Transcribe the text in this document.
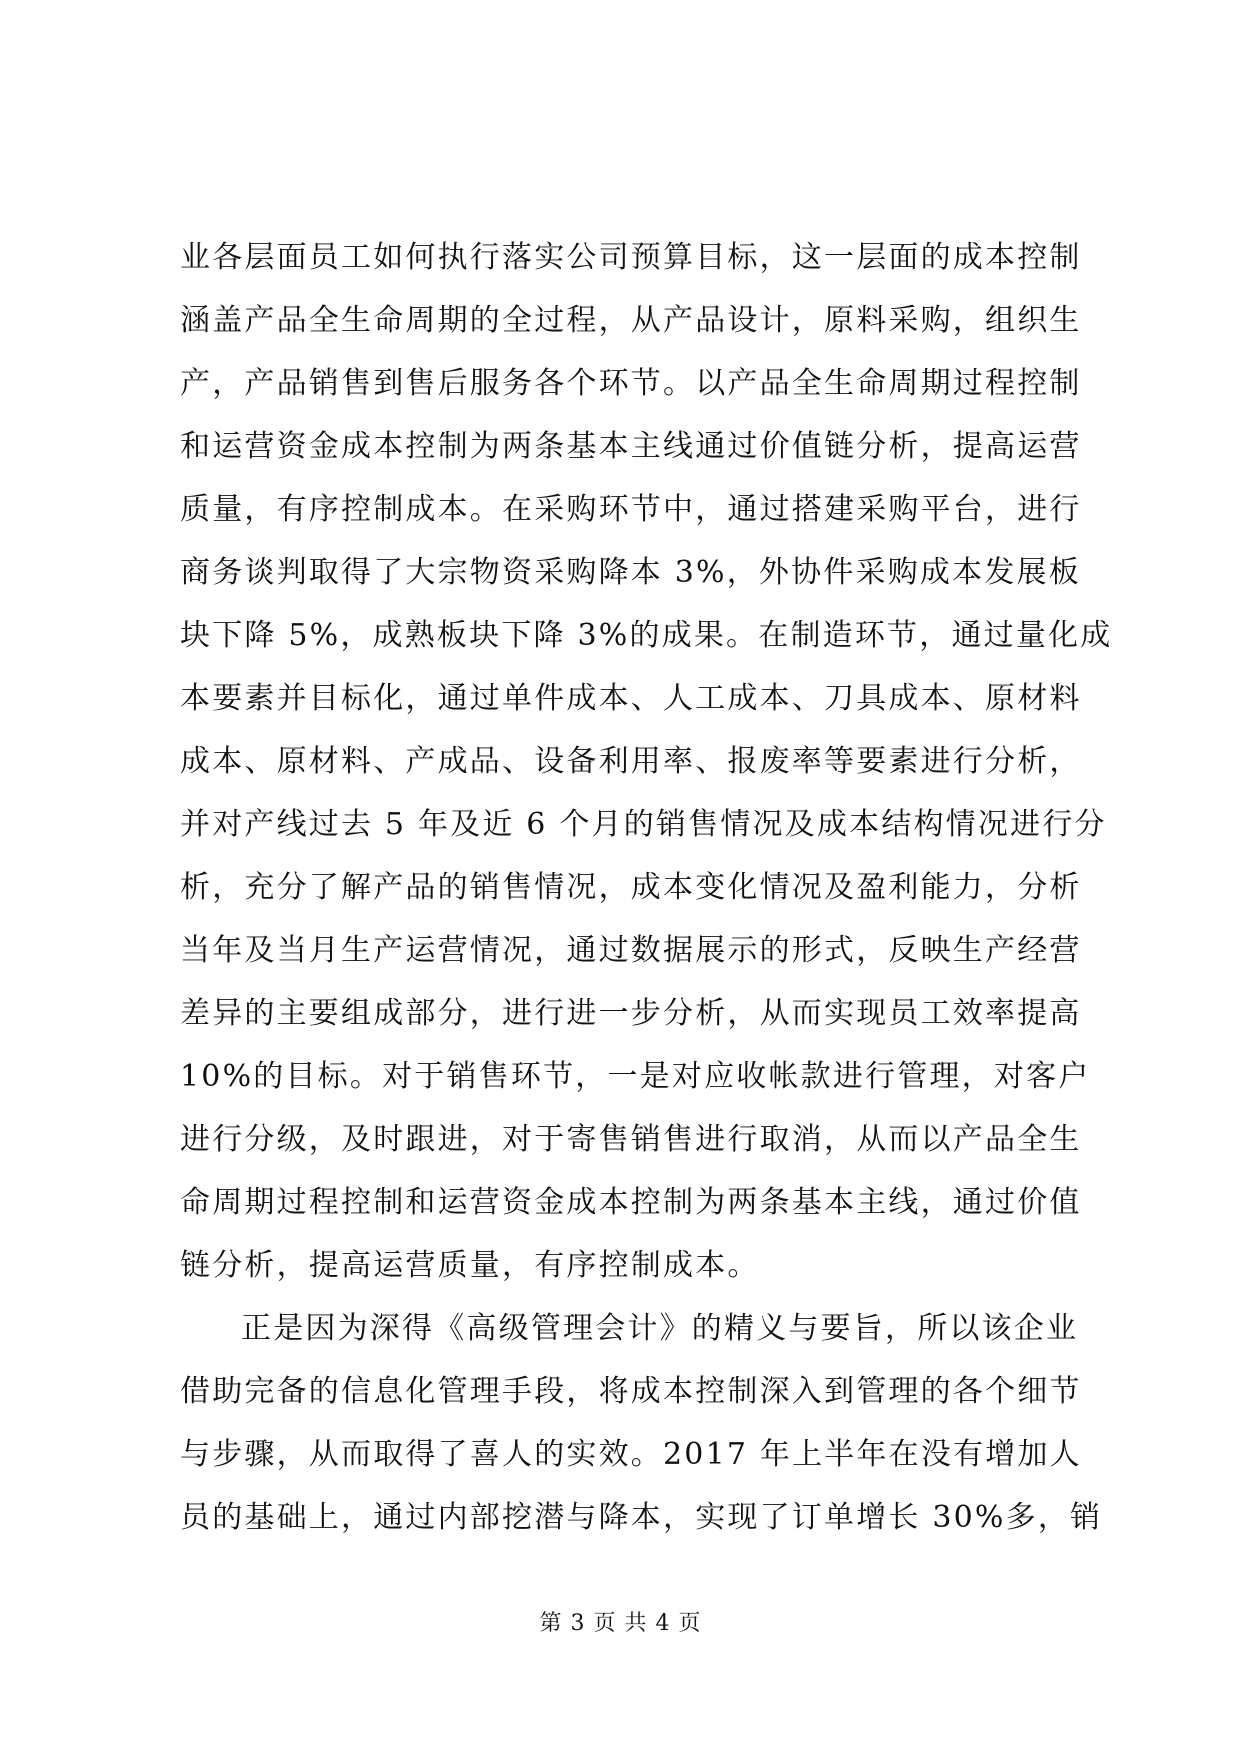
业各层面员工如何执行落实公司预算目标，这一层面的成本控制
涵盖产品全生命周期的全过程，从产品设计，原料采购，组织生
产，产品销售到售后服务各个环节。以产品全生命周期过程控制
和运营资金成本控制为两条基本主线通过价值链分析，提高运营
质量，有序控制成本。在采购环节中，通过搭建采购平台，进行
商务谈判取得了大宗物资采购降本 3%，外协件采购成本发展板
块下降 5%，成熟板块下降 3%的成果。在制造环节，通过量化成
本要素并目标化，通过单件成本、人工成本、刀具成本、原材料
成本、原材料、产成品、设备利用率、报废率等要素进行分析，
并对产线过去 5 年及近 6 个月的销售情况及成本结构情况进行分
析，充分了解产品的销售情况，成本变化情况及盈利能力，分析
当年及当月生产运营情况，通过数据展示的形式，反映生产经营
差异的主要组成部分，进行进一步分析，从而实现员工效率提高
10%的目标。对于销售环节，一是对应收帐款进行管理，对客户
进行分级，及时跟进，对于寄售销售进行取消，从而以产品全生
命周期过程控制和运营资金成本控制为两条基本主线，通过价值
链分析，提高运营质量，有序控制成本。
正是因为深得《高级管理会计》的精义与要旨，所以该企业
借助完备的信息化管理手段，将成本控制深入到管理的各个细节
与步骤，从而取得了喜人的实效。2017 年上半年在没有增加人
员的基础上，通过内部挖潜与降本，实现了订单增长 30%多，销
第 3 页 共 4 页
